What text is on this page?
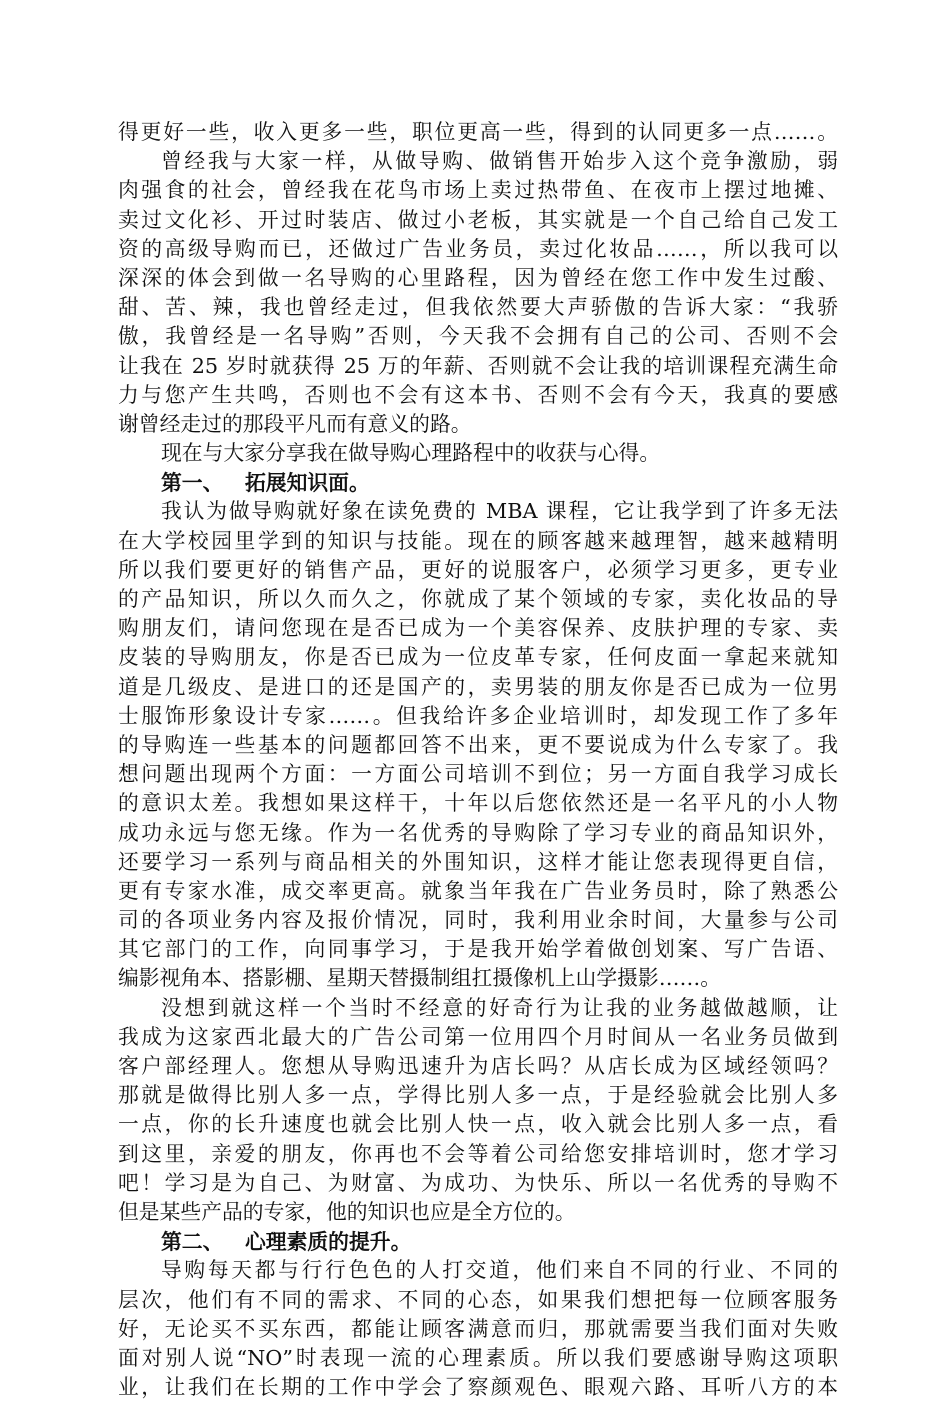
得更好一些，收入更多一些，职位更高一些，得到的认同更多一点……。
曾经我与大家一样，从做导购、做销售开始步入这个竞争激励，弱
肉强食的社会，曾经我在花鸟市场上卖过热带鱼、在夜市上摆过地摊、
卖过文化衫、开过时装店、做过小老板，其实就是一个自己给自己发工
资的高级导购而已，还做过广告业务员，卖过化妆品……，所以我可以
深深的体会到做一名导购的心里路程，因为曾经在您工作中发生过酸、
甜、苦、辣，我也曾经走过，但我依然要大声骄傲的告诉大家：“我骄
傲，我曾经是一名导购”否则，今天我不会拥有自己的公司、否则不会
让我在 25 岁时就获得 25 万的年薪、否则就不会让我的培训课程充满生命
力与您产生共鸣，否则也不会有这本书、否则不会有今天，我真的要感
谢曾经走过的那段平凡而有意义的路。
现在与大家分享我在做导购心理路程中的收获与心得。
第一、 拓展知识面。
我认为做导购就好象在读免费的 MBA 课程，它让我学到了许多无法
在大学校园里学到的知识与技能。现在的顾客越来越理智，越来越精明
所以我们要更好的销售产品，更好的说服客户，必须学习更多，更专业
的产品知识，所以久而久之，你就成了某个领域的专家，卖化妆品的导
购朋友们，请问您现在是否已成为一个美容保养、皮肤护理的专家、卖
皮装的导购朋友，你是否已成为一位皮革专家，任何皮面一拿起来就知
道是几级皮、是进口的还是国产的，卖男装的朋友你是否已成为一位男
士服饰形象设计专家……。但我给许多企业培训时，却发现工作了多年
的导购连一些基本的问题都回答不出来，更不要说成为什么专家了。我
想问题出现两个方面：一方面公司培训不到位；另一方面自我学习成长
的意识太差。我想如果这样干，十年以后您依然还是一名平凡的小人物
成功永远与您无缘。作为一名优秀的导购除了学习专业的商品知识外，
还要学习一系列与商品相关的外围知识，这样才能让您表现得更自信，
更有专家水准，成交率更高。就象当年我在广告业务员时，除了熟悉公
司的各项业务内容及报价情况，同时，我利用业余时间，大量参与公司
其它部门的工作，向同事学习，于是我开始学着做创划案、写广告语、
编影视角本、搭影棚、星期天替摄制组扛摄像机上山学摄影……。
没想到就这样一个当时不经意的好奇行为让我的业务越做越顺，让
我成为这家西北最大的广告公司第一位用四个月时间从一名业务员做到
客户部经理人。您想从导购迅速升为店长吗？从店长成为区域经领吗？
那就是做得比别人多一点，学得比别人多一点，于是经验就会比别人多
一点，你的长升速度也就会比别人快一点，收入就会比别人多一点，看
到这里，亲爱的朋友，你再也不会等着公司给您安排培训时，您才学习
吧！学习是为自己、为财富、为成功、为快乐、所以一名优秀的导购不
但是某些产品的专家，他的知识也应是全方位的。
第二、 心理素质的提升。
导购每天都与行行色色的人打交道，他们来自不同的行业、不同的
层次，他们有不同的需求、不同的心态，如果我们想把每一位顾客服务
好，无论买不买东西，都能让顾客满意而归，那就需要当我们面对失败
面对别人说“NO”时表现一流的心理素质。所以我们要感谢导购这项职
业，让我们在长期的工作中学会了察颜观色、眼观六路、耳听八方的本
